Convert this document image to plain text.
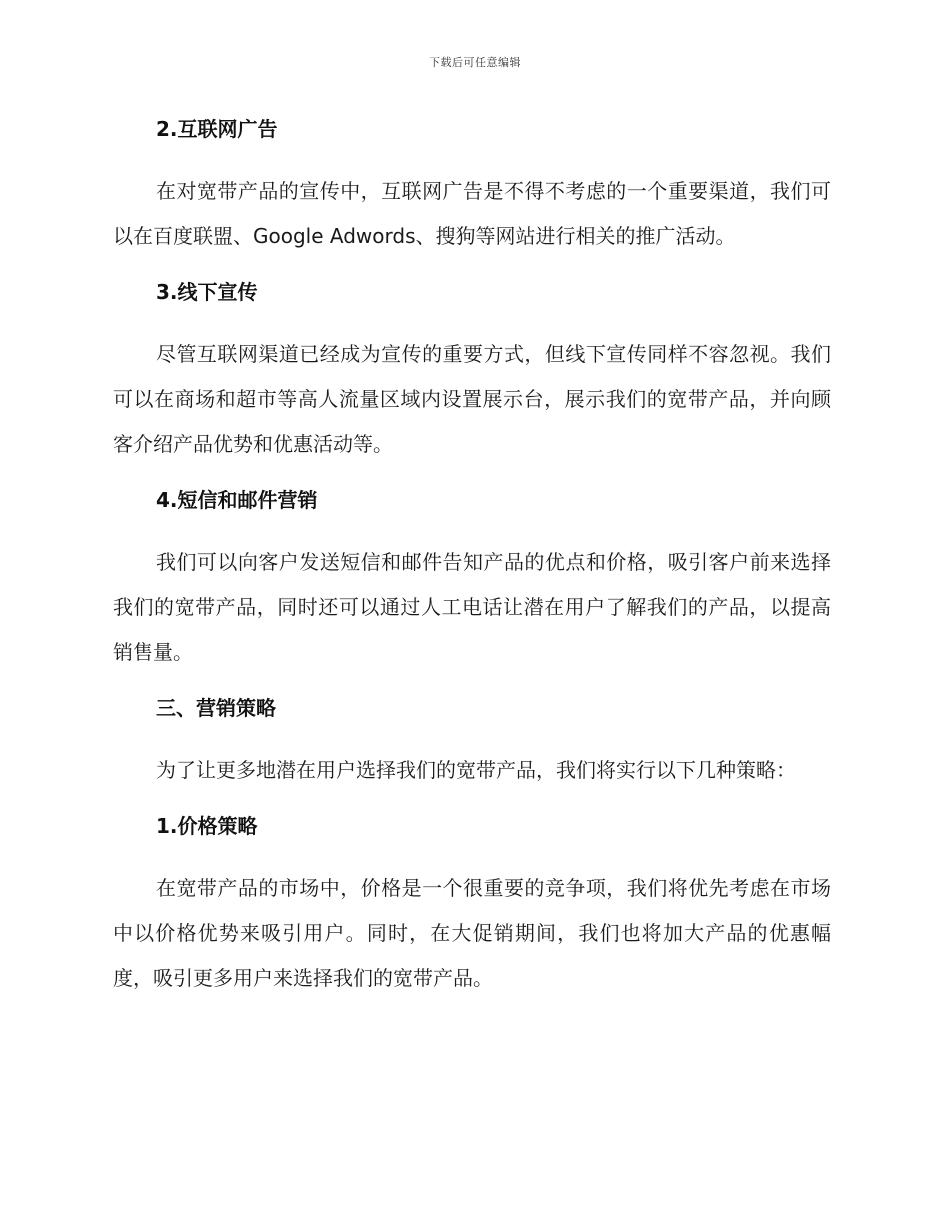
下载后可任意编辑
2.互联网广告

在对宽带产品的宣传中，互联网广告是不得不考虑的一个重要渠道，我们可以在百度联盟、Google Adwords、搜狗等网站进行相关的推广活动。

3.线下宣传

尽管互联网渠道已经成为宣传的重要方式，但线下宣传同样不容忽视。我们可以在商场和超市等高人流量区域内设置展示台，展示我们的宽带产品，并向顾客介绍产品优势和优惠活动等。

4.短信和邮件营销

我们可以向客户发送短信和邮件告知产品的优点和价格，吸引客户前来选择我们的宽带产品，同时还可以通过人工电话让潜在用户了解我们的产品，以提高销售量。

三、营销策略

为了让更多地潜在用户选择我们的宽带产品，我们将实行以下几种策略：

1.价格策略

在宽带产品的市场中，价格是一个很重要的竞争项，我们将优先考虑在市场中以价格优势来吸引用户。同时，在大促销期间，我们也将加大产品的优惠幅度，吸引更多用户来选择我们的宽带产品。
